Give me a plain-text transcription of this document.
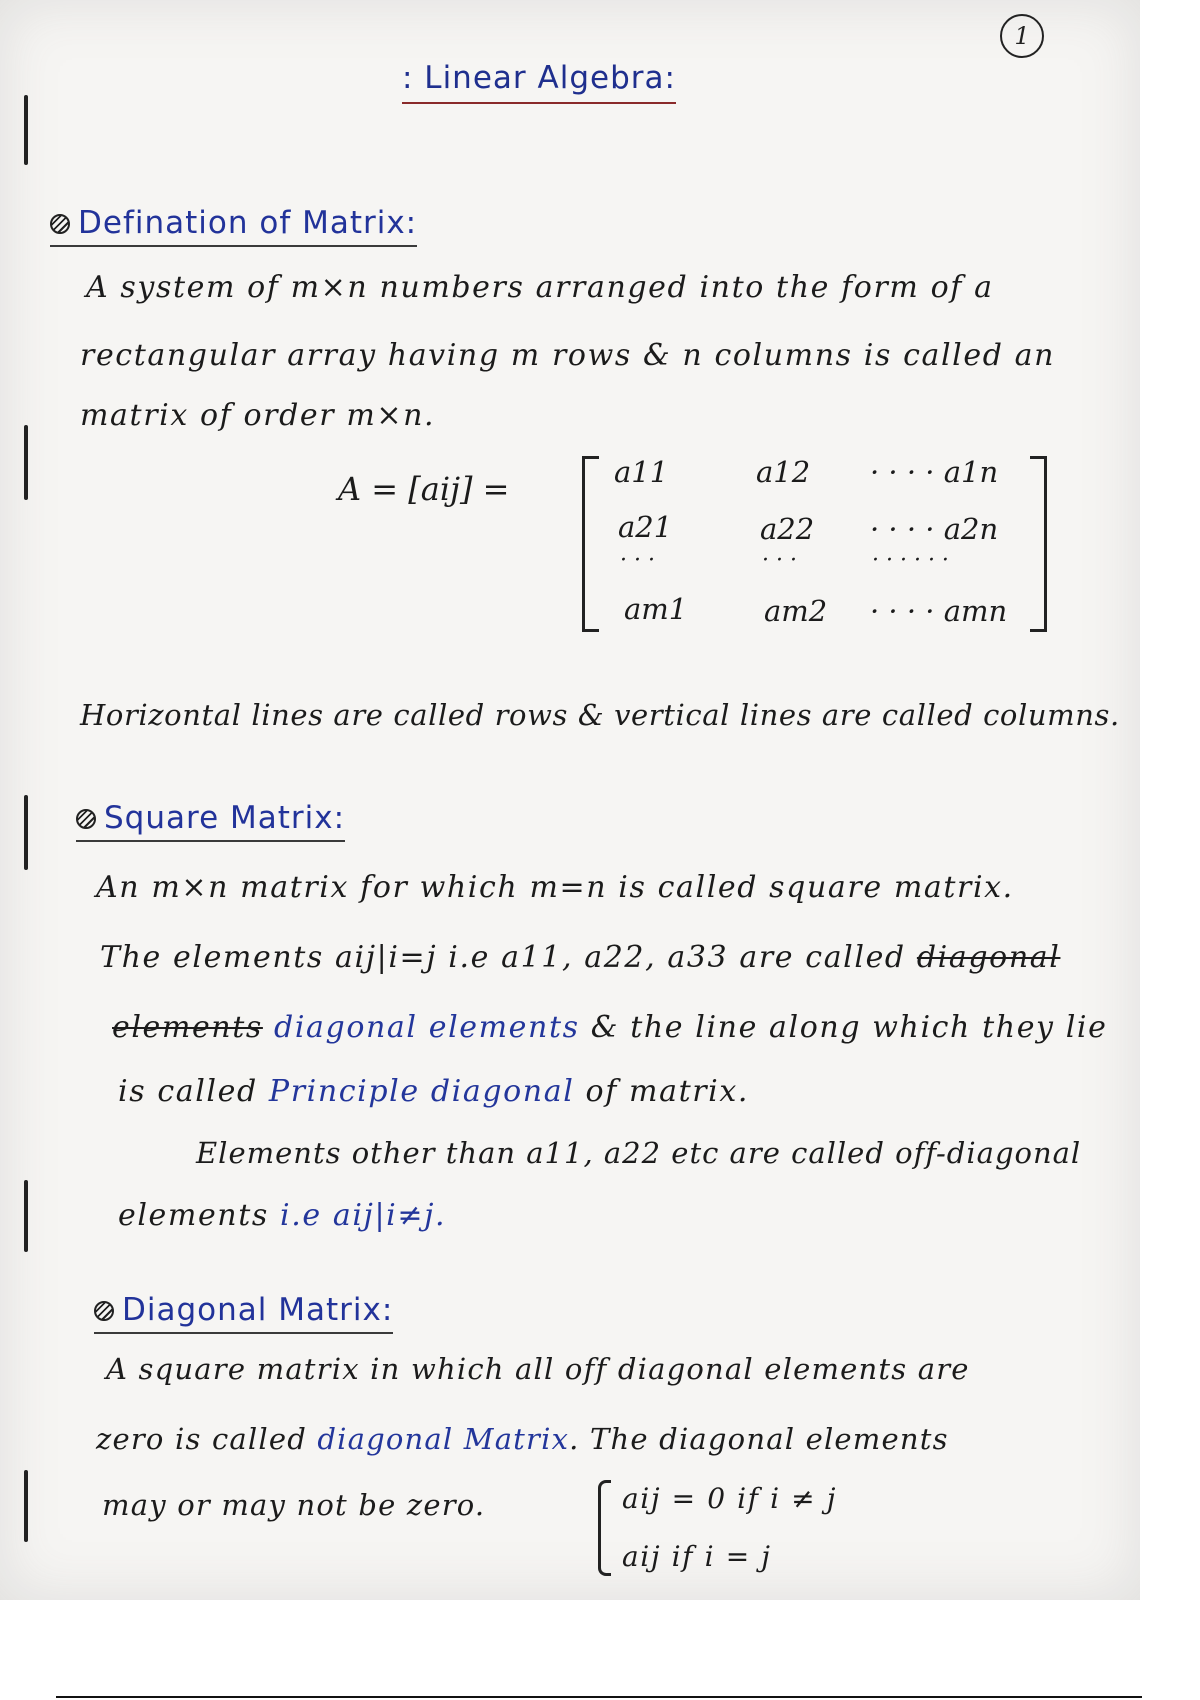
1
: Linear Algebra:
Defination of Matrix:
A system of m×n numbers arranged into the form of a
rectangular array having m rows & n columns is called an
matrix of order m×n.
A = [aij] =	a11	a12 · · · · a1n
a21	a22 · · · · a2n
· · ·	· · ·	· · · · · ·
am1	am2 · · · · amn
Horizontal lines are called rows & vertical lines are called columns.
Square Matrix:
An m×n matrix for which m=n is called square matrix.
The elements aij|i=j i.e a11, a22, a33 are called diagonal
elements diagonal elements & the line along which they lie
is called Principle diagonal of matrix.
Elements other than a11, a22 etc are called off-diagonal
elements i.e aij|i≠j.
Diagonal Matrix:
A square matrix in which all off diagonal elements are
zero is called diagonal Matrix. The diagonal elements
may or may not be zero.	aij = 0 if i ≠ j
aij if i = j
